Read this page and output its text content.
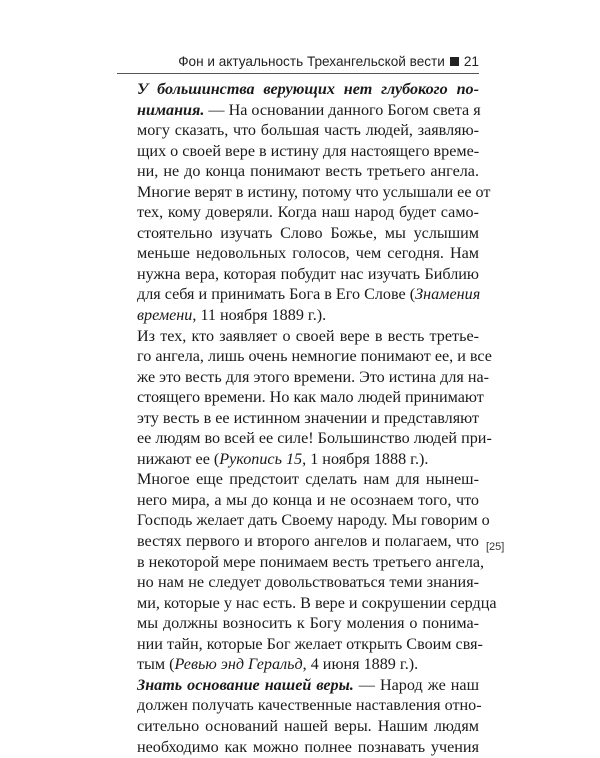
Фон и актуальность Трехангельской вести 21

У большинства верующих нет глубокого по-
нимания. — На основании данного Богом света я
могу сказать, что большая часть людей, заявляю-
щих о своей вере в истину для настоящего време-
ни, не до конца понимают весть третьего ангела.
Многие верят в истину, потому что услышали ее от
тех, кому доверяли. Когда наш народ будет само-
стоятельно изучать Слово Божье, мы услышим
меньше недовольных голосов, чем сегодня. Нам
нужна вера, которая побудит нас изучать Библию
для себя и принимать Бога в Его Слове (Знамения
времени, 11 ноября 1889 г.).

Из тех, кто заявляет о своей вере в весть третье-
го ангела, лишь очень немногие понимают ее, и все
же это весть для этого времени. Это истина для на-
стоящего времени. Но как мало людей принимают
эту весть в ее истинном значении и представляют
ее людям во всей ее силе! Большинство людей при-
нижают ее (Рукопись 15, 1 ноября 1888 г.).

Многое еще предстоит сделать нам для нынеш-
него мира, а мы до конца и не осознаем того, что
Господь желает дать Своему народу. Мы говорим о
вестях первого и второго ангелов и полагаем, что
в некоторой мере понимаем весть третьего ангела,
но нам не следует довольствоваться теми знания-
ми, которые у нас есть. В вере и сокрушении сердца
мы должны возносить к Богу моления о понима-
нии тайн, которые Бог желает открыть Своим свя-
тым (Ревью энд Геральд, 4 июня 1889 г.).

Знать основание нашей веры. — Народ же наш
должен получать качественные наставления отно-
сительно оснований нашей веры. Нашим людям
необходимо как можно полнее познавать учения

[25]
